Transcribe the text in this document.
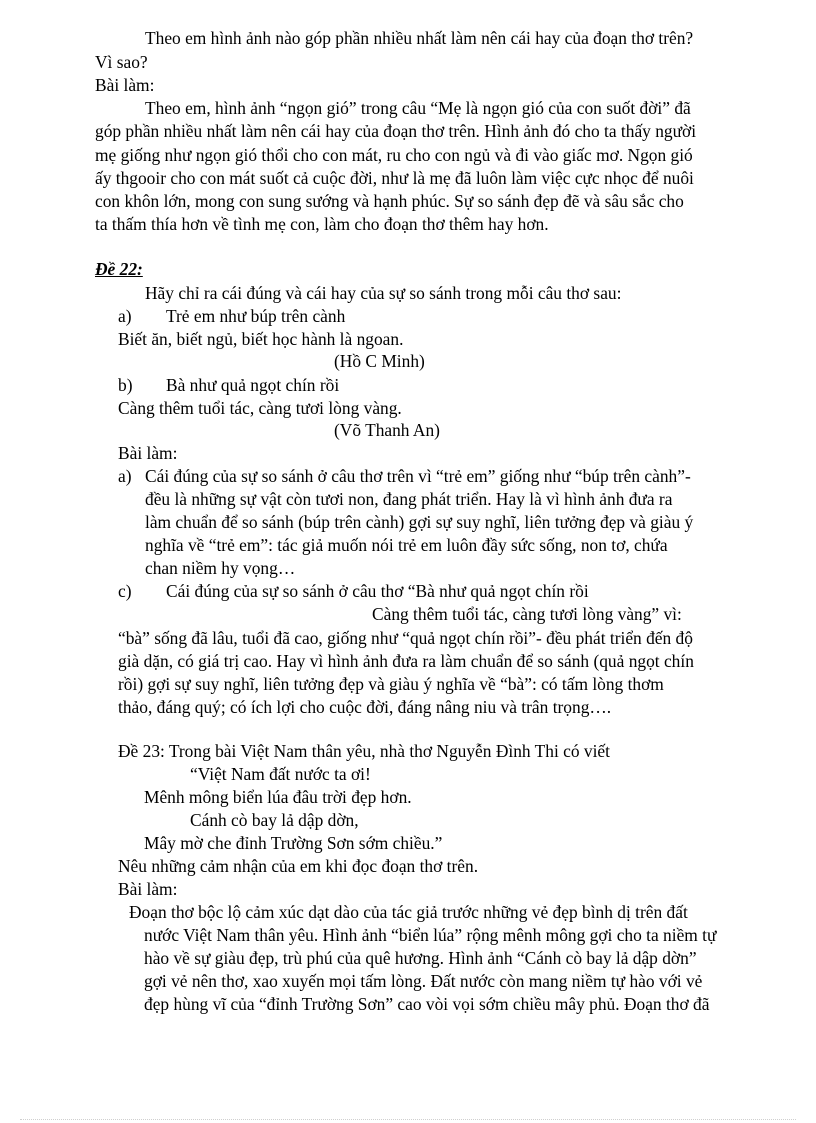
Theo em hình ảnh nào góp phần nhiều nhất làm nên cái hay của đoạn thơ trên?
Vì sao?
Bài làm:
Theo em, hình ảnh “ngọn gió” trong câu “Mẹ là ngọn gió của con suốt đời” đã
góp phần nhiều nhất làm nên cái hay của đoạn thơ trên. Hình ảnh đó cho ta thấy người
mẹ giống như ngọn gió thổi cho con mát, ru cho con ngủ và đi vào giấc mơ. Ngọn gió
ấy thgooir cho con mát suốt cả cuộc đời, như là mẹ đã luôn làm việc cực nhọc để nuôi
con khôn lớn, mong con sung sướng và hạnh phúc. Sự so sánh đẹp đẽ và sâu sắc cho
ta thấm thía hơn về tình mẹ con, làm cho đoạn thơ thêm hay hơn.
Đề 22:
Hãy chỉ ra cái đúng và cái hay của sự so sánh trong mỗi câu thơ sau:
a) Trẻ em như búp trên cành
Biết ăn, biết ngủ, biết học hành là ngoan.
(Hồ C Minh)
b) Bà như quả ngọt chín rồi
Càng thêm tuổi tác, càng tươi lòng vàng.
(Võ Thanh An)
Bài làm:
a) Cái đúng của sự so sánh ở câu thơ trên vì “trẻ em” giống như “búp trên cành”-
đều là những sự vật còn tươi non, đang phát triển. Hay là vì hình ảnh đưa ra
làm chuẩn để so sánh (búp trên cành) gợi sự suy nghĩ, liên tưởng đẹp và giàu ý
nghĩa về “trẻ em”: tác giả muốn nói trẻ em luôn đầy sức sống, non tơ, chứa
chan niềm hy vọng…
c) Cái đúng của sự so sánh ở câu thơ “Bà như quả ngọt chín rồi
Càng thêm tuổi tác, càng tươi lòng vàng” vì:
“bà” sống đã lâu, tuổi đã cao, giống như “quả ngọt chín rồi”- đều phát triển đến độ
già dặn, có giá trị cao. Hay vì hình ảnh đưa ra làm chuẩn để so sánh (quả ngọt chín
rồi) gợi sự suy nghĩ, liên tưởng đẹp và giàu ý nghĩa về “bà”: có tấm lòng thơm
thảo, đáng quý; có ích lợi cho cuộc đời, đáng nâng niu và trân trọng….
Đề 23: Trong bài Việt Nam thân yêu, nhà thơ Nguyễn Đình Thi có viết
“Việt Nam đất nước ta ơi!
Mênh mông biển lúa đâu trời đẹp hơn.
Cánh cò bay lả dập dờn,
Mây mờ che đỉnh Trường Sơn sớm chiều.”
Nêu những cảm nhận của em khi đọc đoạn thơ trên.
Bài làm:
Đoạn thơ bộc lộ cảm xúc dạt dào của tác giả trước những vẻ đẹp bình dị trên đất
nước Việt Nam thân yêu. Hình ảnh “biển lúa” rộng mênh mông gợi cho ta niềm tự
hào về sự giàu đẹp, trù phú của quê hương. Hình ảnh “Cánh cò bay lả dập dờn”
gợi vẻ nên thơ, xao xuyến mọi tấm lòng. Đất nước còn mang niềm tự hào với vẻ
đẹp hùng vĩ của “đỉnh Trường Sơn” cao vòi vọi sớm chiều mây phủ. Đoạn thơ đã
